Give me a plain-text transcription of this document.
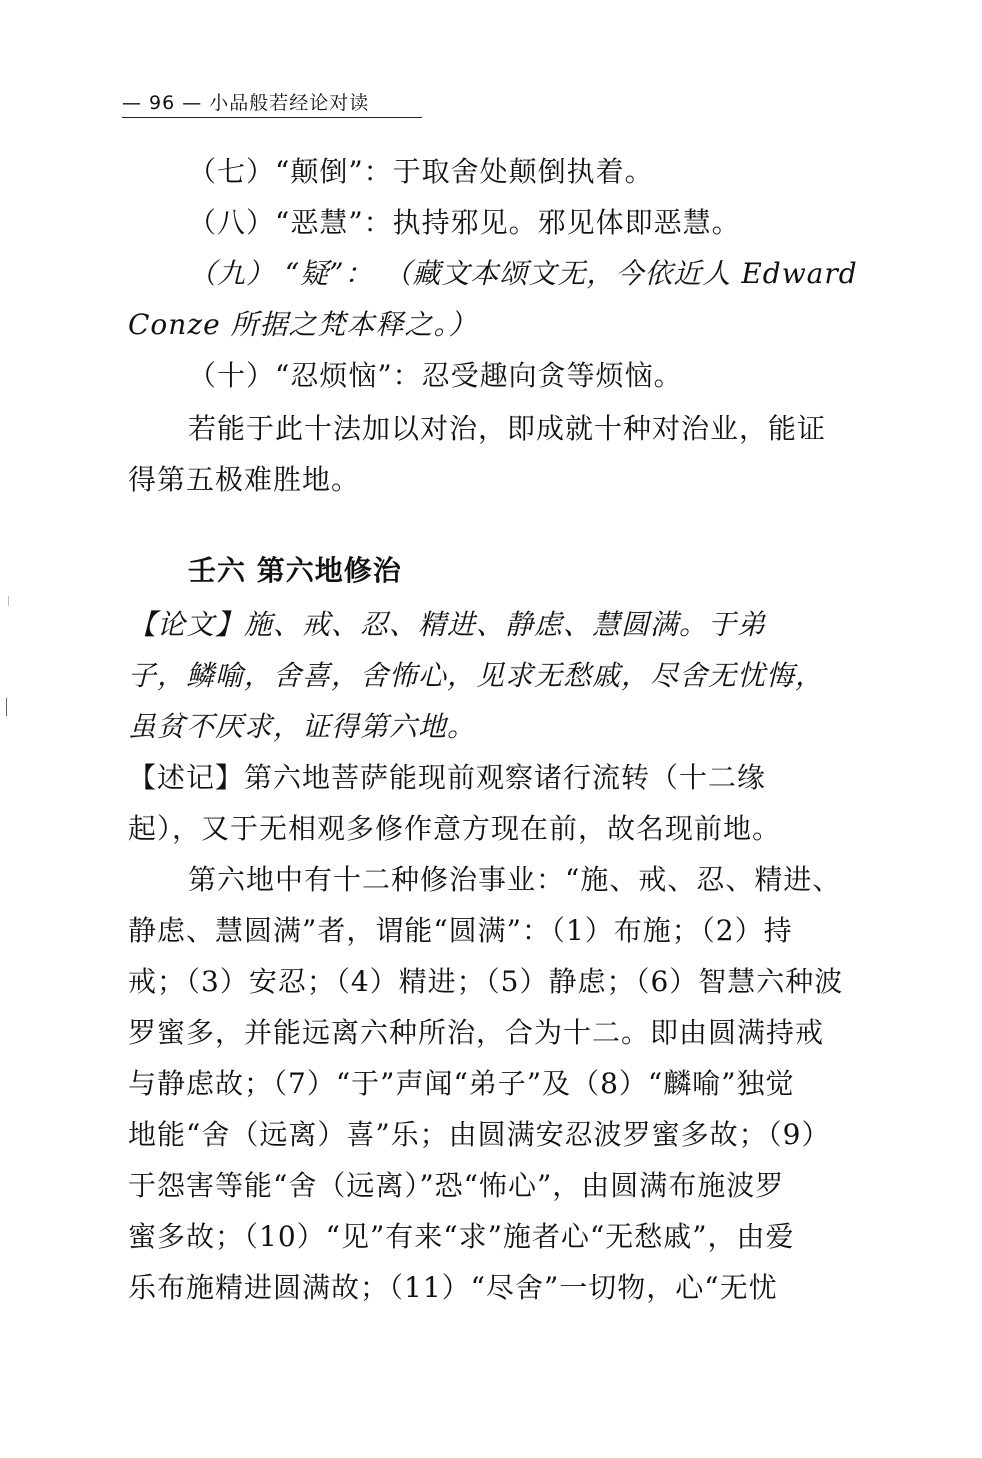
— 96 — 小品般若经论对读
（七）“颠倒”：于取舍处颠倒执着。
（八）“恶慧”：执持邪见。邪见体即恶慧。
（九） “疑”： （藏文本颂文无，今依近人 Edward
Conze 所据之梵本释之。）
（十）“忍烦恼”：忍受趣向贪等烦恼。
若能于此十法加以对治，即成就十种对治业，能证
得第五极难胜地。
壬六 第六地修治
【论文】施、戒、忍、精进、静虑、慧圆满。于弟
子，鳞喻，舍喜，舍怖心，见求无愁戚，尽舍无忧悔，
虽贫不厌求，证得第六地。
【述记】第六地菩萨能现前观察诸行流转（十二缘
起），又于无相观多修作意方现在前，故名现前地。
第六地中有十二种修治事业：“施、戒、忍、精进、
静虑、慧圆满”者，谓能“圆满”：（1）布施；（2）持
戒；（3）安忍；（4）精进；（5）静虑；（6）智慧六种波
罗蜜多，并能远离六种所治，合为十二。即由圆满持戒
与静虑故；（7）“于”声闻“弟子”及（8）“麟喻”独觉
地能“舍（远离）喜”乐；由圆满安忍波罗蜜多故；（9）
于怨害等能“舍（远离）”恐“怖心”，由圆满布施波罗
蜜多故；（10）“见”有来“求”施者心“无愁戚”，由爱
乐布施精进圆满故；（11）“尽舍”一切物，心“无忧
